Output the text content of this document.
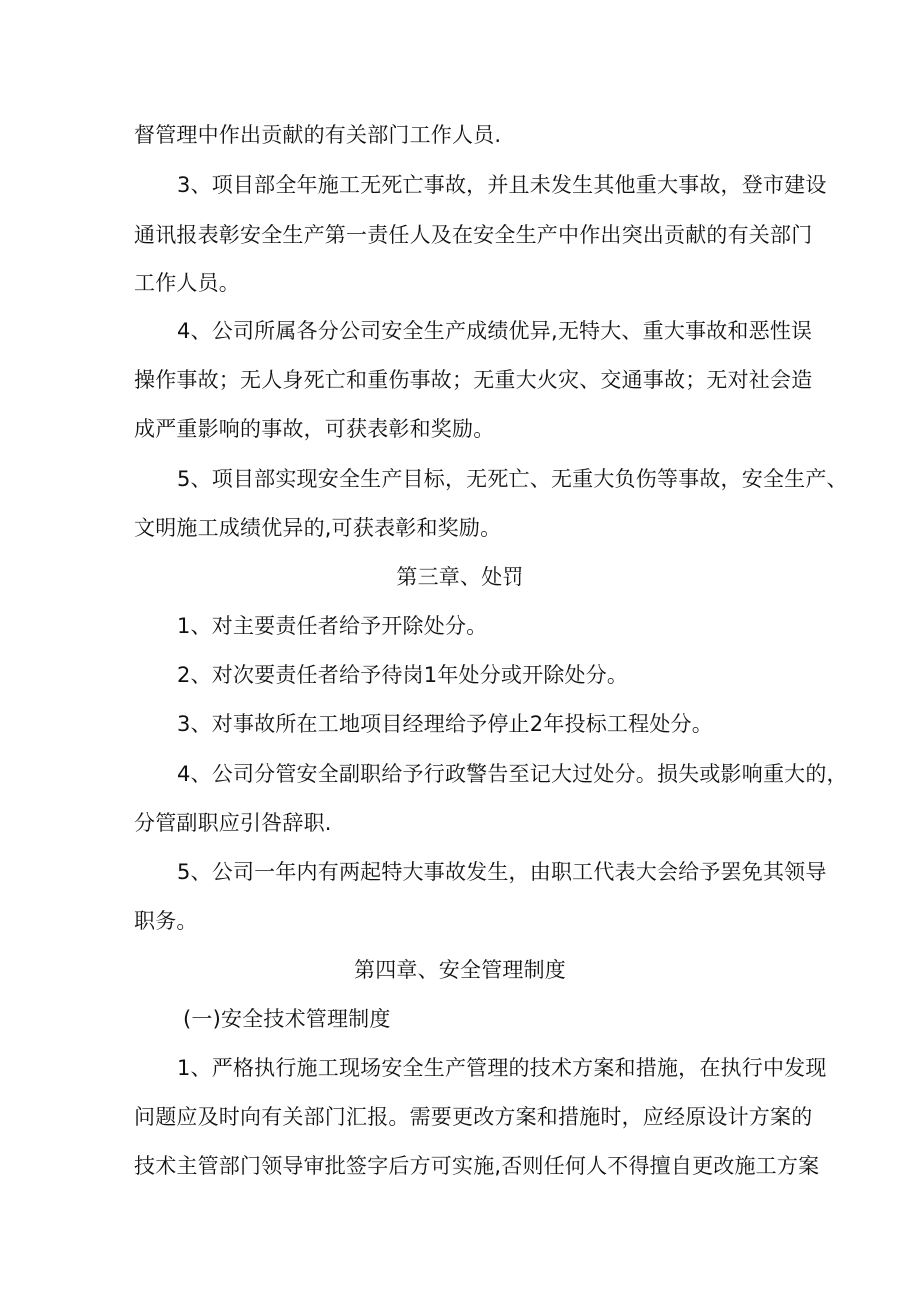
督管理中作出贡献的有关部门工作人员.
3、项目部全年施工无死亡事故，并且未发生其他重大事故，登市建设
通讯报表彰安全生产第一责任人及在安全生产中作出突出贡献的有关部门
工作人员。
4、公司所属各分公司安全生产成绩优异,无特大、重大事故和恶性误
操作事故；无人身死亡和重伤事故；无重大火灾、交通事故；无对社会造
成严重影响的事故，可获表彰和奖励。
5、项目部实现安全生产目标，无死亡、无重大负伤等事故，安全生产、
文明施工成绩优异的,可获表彰和奖励。
第三章、处罚
1、对主要责任者给予开除处分。
2、对次要责任者给予待岗1年处分或开除处分。
3、对事故所在工地项目经理给予停止2年投标工程处分。
4、公司分管安全副职给予行政警告至记大过处分。损失或影响重大的，
分管副职应引咎辞职.
5、公司一年内有两起特大事故发生，由职工代表大会给予罢免其领导
职务。
第四章、安全管理制度
(一)安全技术管理制度
1、严格执行施工现场安全生产管理的技术方案和措施，在执行中发现
问题应及时向有关部门汇报。需要更改方案和措施时，应经原设计方案的
技术主管部门领导审批签字后方可实施,否则任何人不得擅自更改施工方案
